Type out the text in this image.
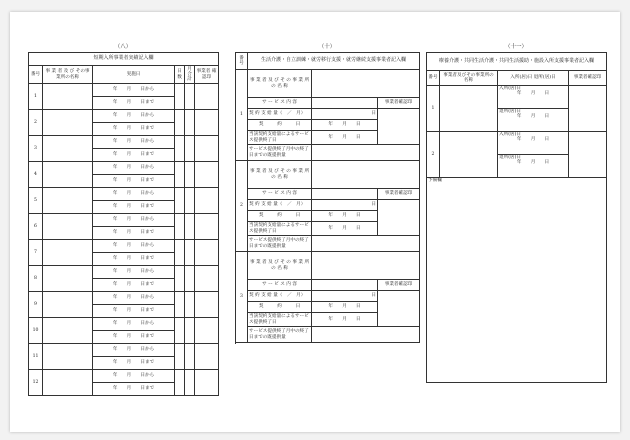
（八）
短期入所事業者実績記入欄					
番号	事 業 者 及 び その事業所の名称	実施日	日数	月 合 計	事業者 確認印
1		年　　月　　日から			
		年　　月　　日まで			
2		年　　月　　日から			
		年　　月　　日まで			
3		年　　月　　日から			
		年　　月　　日まで			
4		年　　月　　日から			
		年　　月　　日まで			
5		年　　月　　日から			
		年　　月　　日まで			
6		年　　月　　日から			
		年　　月　　日まで			
7		年　　月　　日から			
		年　　月　　日まで			
8		年　　月　　日から			
		年　　月　　日まで			
9		年　　月　　日から			
		年　　月　　日まで			
10		年　　月　　日から			
		年　　月　　日まで			
11		年　　月　　日から			
		年　　月　　日まで			
12		年　　月　　日から			
		年　　月　　日まで			
（十）
番号	生活介護・自立訓練・就労移行支援・就労継続支援事業者記入欄		
1	事 業 者 及 び そ の 事 業 所 の 名 称		
	サ ー ビ ス 内 容		事業者確認印
	契 約 支 給 量（　／　月）	日	
	契　　　約　　　日	年　　月　　日	
	当該契約支給量によるサービス提供終了日	年　　月　　日	
	サービス提供終了月中の終了日までの既提供量		

2	事 業 者 及 び そ の 事 業 所 の 名 称		
	サ ー ビ ス 内 容		事業者確認印
	契 約 支 給 量（　／　月）	日	
	契　　　約　　　日	年　　月　　日	
	当該契約支給量によるサービス提供終了日	年　　月　　日	
	サービス提供終了月中の終了日までの既提供量		

3	事 業 者 及 び そ の 事 業 所 の 名 称		
	サ ー ビ ス 内 容		事業者確認印
	契 約 支 給 量（　／　月）	日	
	契　　　約　　　日	年　　月　　日	
	当該契約支給量によるサービス提供終了日	年　　月　　日	
	サービス提供終了月中の終了日までの既提供量		

（十一）
療養介護・共同生活介護・共同生活援助・施設入所支援事業者記入欄			
番号	事業者及びその事業所の名称	入所(居)日 退所(居)日	事業者確認印
1		入所(居)日
年　　月　　日	

		退所(居)日
年　　月　　日	

2		入所(居)日
年　　月　　日	

		退所(居)日
年　　月　　日	

予備欄			
